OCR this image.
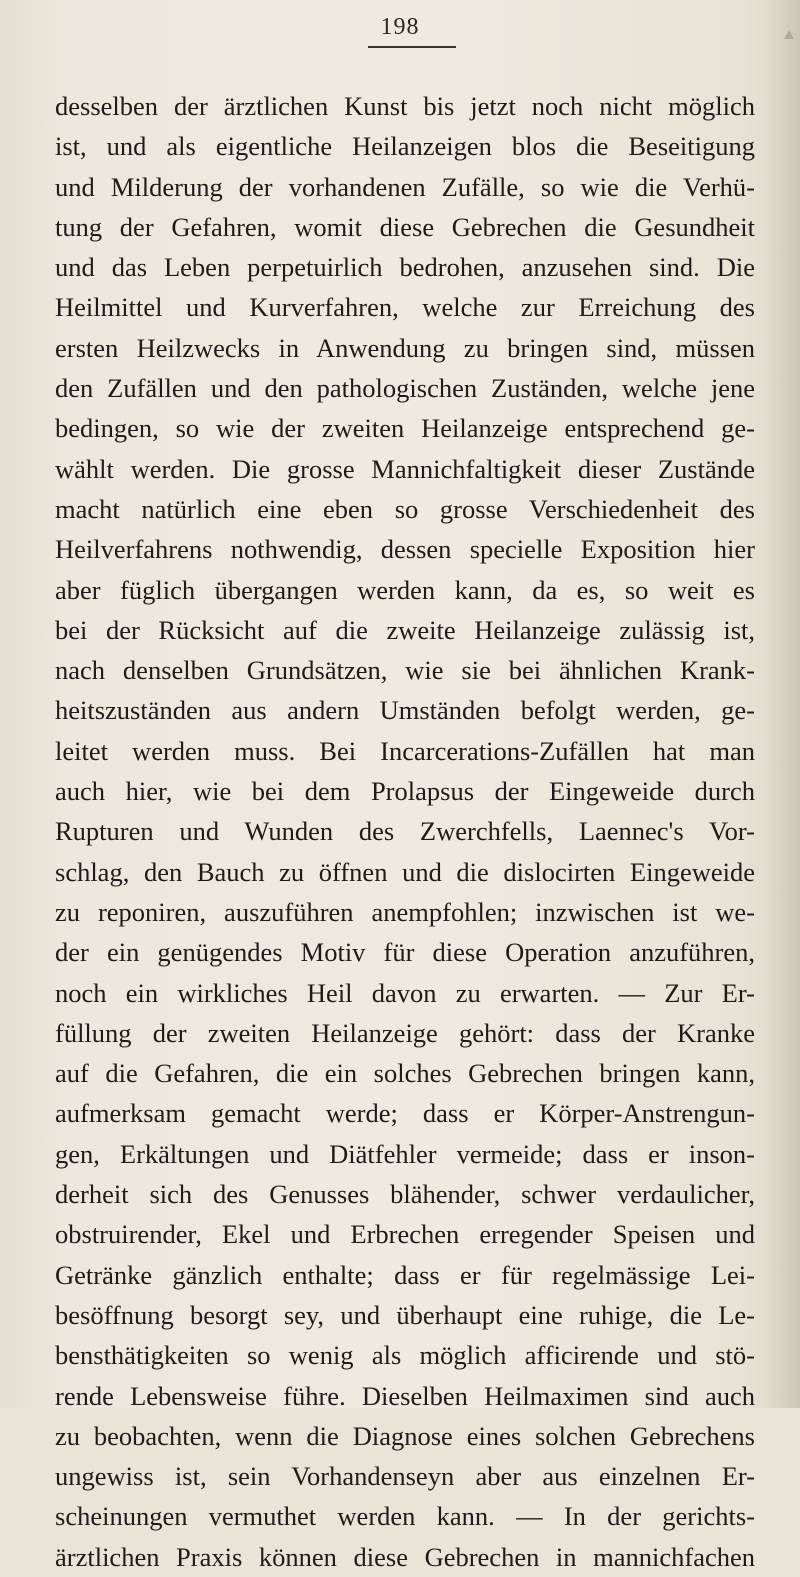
198
desselben der ärztlichen Kunst bis jetzt noch nicht möglich
ist, und als eigentliche Heilanzeigen blos die Beseitigung
und Milderung der vorhandenen Zufälle, so wie die Verhü-
tung der Gefahren, womit diese Gebrechen die Gesundheit
und das Leben perpetuirlich bedrohen, anzusehen sind. Die
Heilmittel und Kurverfahren, welche zur Erreichung des
ersten Heilzwecks in Anwendung zu bringen sind, müssen
den Zufällen und den pathologischen Zuständen, welche jene
bedingen, so wie der zweiten Heilanzeige entsprechend ge-
wählt werden. Die grosse Mannichfaltigkeit dieser Zustände
macht natürlich eine eben so grosse Verschiedenheit des
Heilverfahrens nothwendig, dessen specielle Exposition hier
aber füglich übergangen werden kann, da es, so weit es
bei der Rücksicht auf die zweite Heilanzeige zulässig ist,
nach denselben Grundsätzen, wie sie bei ähnlichen Krank-
heitszuständen aus andern Umständen befolgt werden, ge-
leitet werden muss. Bei Incarcerations-Zufällen hat man
auch hier, wie bei dem Prolapsus der Eingeweide durch
Rupturen und Wunden des Zwerchfells, Laennec's Vor-
schlag, den Bauch zu öffnen und die dislocirten Eingeweide
zu reponiren, auszuführen anempfohlen; inzwischen ist we-
der ein genügendes Motiv für diese Operation anzuführen,
noch ein wirkliches Heil davon zu erwarten. — Zur Er-
füllung der zweiten Heilanzeige gehört: dass der Kranke
auf die Gefahren, die ein solches Gebrechen bringen kann,
aufmerksam gemacht werde; dass er Körper-Anstrengun-
gen, Erkältungen und Diätfehler vermeide; dass er inson-
derheit sich des Genusses blähender, schwer verdaulicher,
obstruirender, Ekel und Erbrechen erregender Speisen und
Getränke gänzlich enthalte; dass er für regelmässige Lei-
besöffnung besorgt sey, und überhaupt eine ruhige, die Le-
bensthätigkeiten so wenig als möglich afficirende und stö-
rende Lebensweise führe. Dieselben Heilmaximen sind auch
zu beobachten, wenn die Diagnose eines solchen Gebrechens
ungewiss ist, sein Vorhandenseyn aber aus einzelnen Er-
scheinungen vermuthet werden kann. — In der gerichts-
ärztlichen Praxis können diese Gebrechen in mannichfachen
